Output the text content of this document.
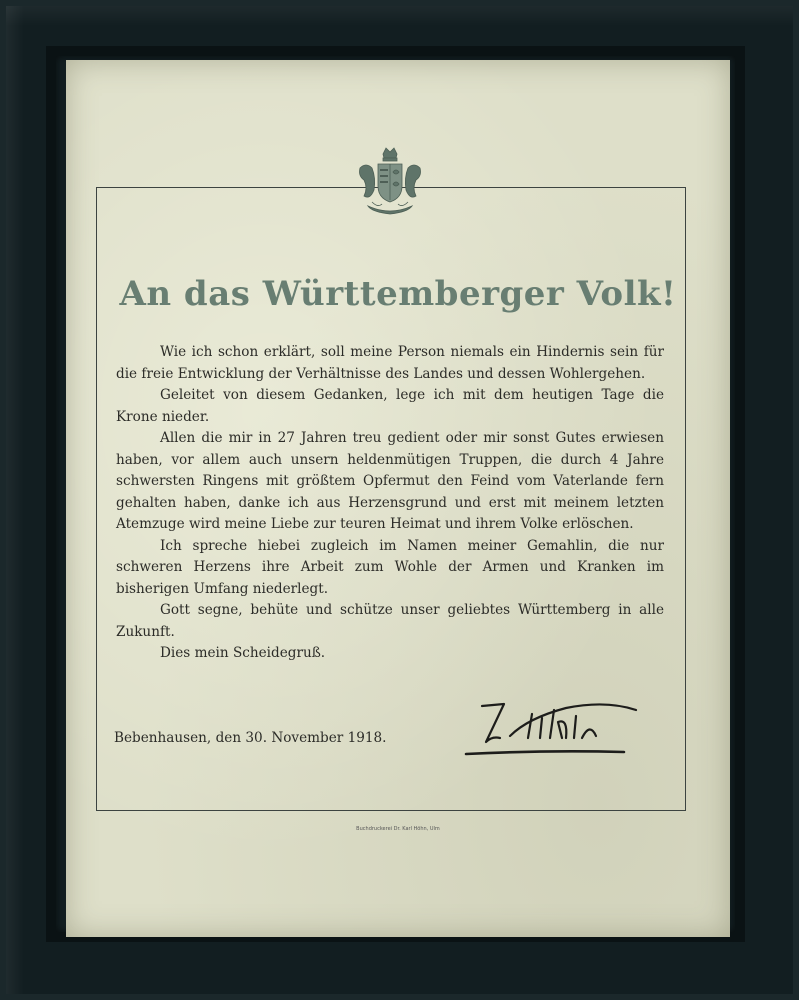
An das Württemberger Volk!

Wie ich schon erklärt, soll meine Person niemals ein Hindernis sein für die freie Entwicklung der Verhältnisse des Landes und dessen Wohlergehen.

Geleitet von diesem Gedanken, lege ich mit dem heutigen Tage die Krone nieder.

Allen die mir in 27 Jahren treu gedient oder mir sonst Gutes erwiesen haben, vor allem auch unsern heldenmütigen Truppen, die durch 4 Jahre schwersten Ringens mit größtem Opfermut den Feind vom Vaterlande fern gehalten haben, danke ich aus Herzensgrund und erst mit meinem letzten Atemzuge wird meine Liebe zur teuren Heimat und ihrem Volke erlöschen.

Ich spreche hiebei zugleich im Namen meiner Gemahlin, die nur schweren Herzens ihre Arbeit zum Wohle der Armen und Kranken im bisherigen Umfang niederlegt.

Gott segne, behüte und schütze unser geliebtes Württemberg in alle Zukunft.

Dies mein Scheidegruß.

Bebenhausen, den 30. November 1918.
Buchdruckerei Dr. Karl Höhn, Ulm
